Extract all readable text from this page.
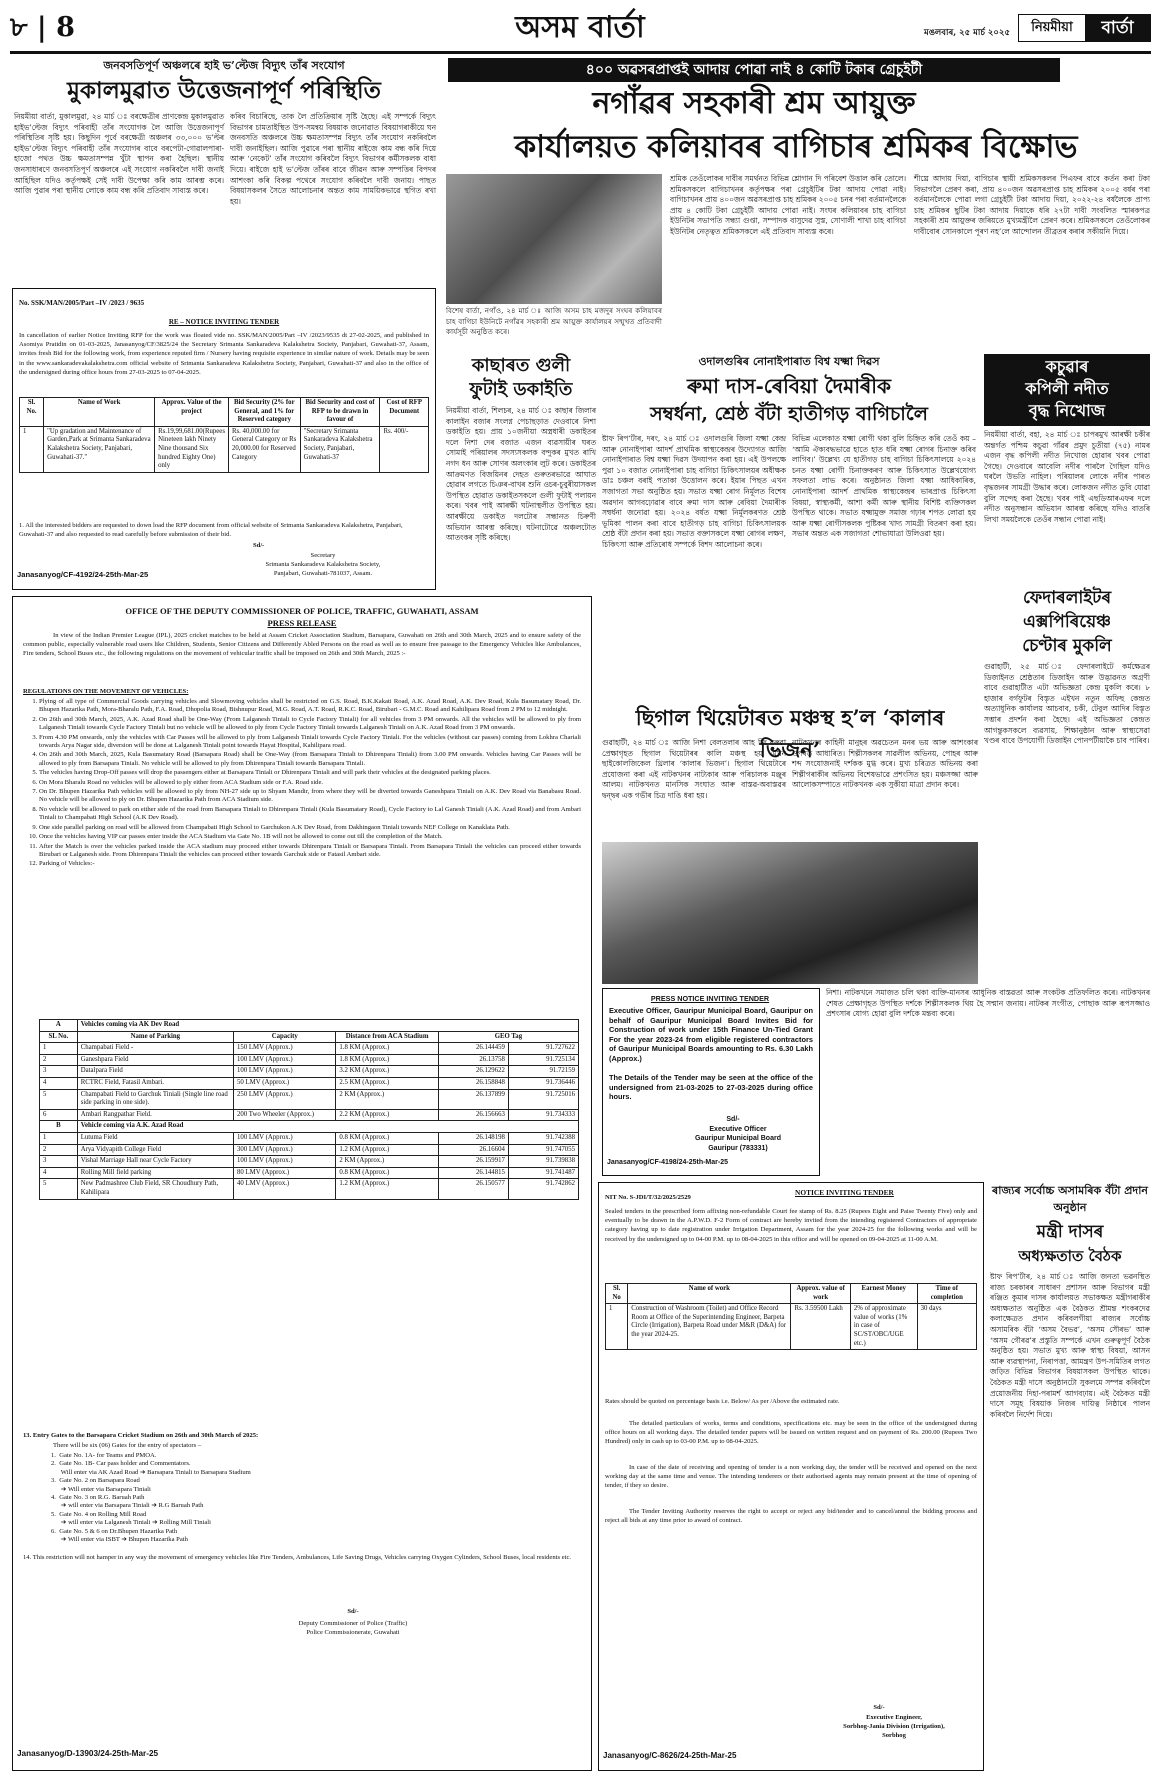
৮ | 8	অসম বাৰ্তা	মঙলবাৰ, ২৫ মাৰ্চ ২০২৫	নিয়মীয়া	বাৰ্তা
জনবসতিপূৰ্ণ অঞ্চলৰে হাই ভ’ল্টেজ বিদ্যুৎ তাঁৰ সংযোগ
মুকালমুৱাত উত্তেজনাপূৰ্ণ পৰিস্থিতি
নিয়মীয়া বাৰ্তা, মুকালমুৱা, ২৪ মাৰ্চ ঃ বৰক্ষেত্ৰীৰ প্ৰাণকেন্দ্ৰ মুকালমুৱাত হাইভ’ল্টেজ বিদ্যুৎ পৰিবাহী তাঁৰ সংযোগক লৈ আজি উত্তেজনাপূৰ্ণ পৰিস্থিতিৰ সৃষ্টি হয়। কিছুদিন পূৰ্বে বৰক্ষেত্ৰী অঞ্চলৰ ৩৩,০০০ ভ’ল্টৰ হাইভ’ল্টেজ বিদ্যুৎ পৰিবাহী তাঁৰ সংযোগৰ বাবে বৰপেটা-গোৱালপাৰা-হাজো পথত উচ্চ ক্ষমতাসম্পন্ন খুঁটা স্থাপন কৰা হৈছিল। স্থানীয় জনসাধাৰণে জনবসতিপূৰ্ণ অঞ্চলৰে এই সংযোগ নকৰিবলৈ দাবী জনাই আহিছিল যদিও কৰ্তৃপক্ষই সেই দাবী উপেক্ষা কৰি কাম আৰম্ভ কৰে। আজি পুৱাৰ পৰা স্থানীয় লোকে কাম বন্ধ কৰি প্ৰতিবাদ সাব্যস্ত কৰে।
কৰিব বিচাৰিছে, তাক লৈ প্ৰতিক্ৰিয়াৰ সৃষ্টি হৈছে। এই সম্পৰ্কে বিদ্যুৎ বিভাগৰ চামতাইস্থিত উপ-সমন্বয় বিষয়াক জনোৱাত বিষয়াগৰাকীয়ে ঘন জনবসতি অঞ্চলৰে উচ্চ ক্ষমতাসম্পন্ন বিদ্যুৎ তাঁৰ সংযোগ নকৰিবলৈ দাবী জনাইছিল। আজি পুৱাৰে পৰা স্থানীয় ৰাইজে কাম বন্ধ কৰি দিয়ে আৰু ‘নেকেট’ তাঁৰ সংযোগ কৰিবলৈ বিদ্যুৎ বিভাগৰ কৰ্মীসকলক বাধা দিয়ে। ৰাইজে হাই ভ’ল্টেজ তাঁৰৰ বাবে জীৱন আৰু সম্পত্তিৰ বিপদৰ আশংকা কৰি বিকল্প পথেৰে সংযোগ কৰিবলৈ দাবী জনায়। পাছত বিষয়াসকলৰ সৈতে আলোচনাৰ অন্তত কাম সাময়িকভাৱে স্থগিত ৰখা হয়।
No. SSK/MAN/2005/Part –IV /2023 / 9635
RE – NOTICE INVITING TENDER
In cancellation of earlier Notice Inviting RFP for the work was floated vide no. SSK/MAN/2005/Part –IV /2023/9535 dt 27-02-2025, and published in Asomiya Pratidin on 01-03-2025, Janasanyog/CF/3825/24 the Secretary Srimanta Sankaradeva Kalakshetra Society, Panjabari, Guwahati-37, Assam, invites fresh Bid for the following work, from experience reputed firm / Nursery having requisite experience in similar nature of work. Details may be seen in the www.sankaradevakalakshetra.com official website of Srimanta Sankaradeva Kalakshetra Society, Panjabari, Guwahati-37 and also in the office of the undersigned during office hours from 27-03-2025 to 07-04-2025.
Sl. No.	Name of Work	Approx. Value of the project	Bid Security (2% for General, and 1% for Reserved category	Bid Security and cost of RFP to be drawn in favour of	Cost of RFP Document
1	"Up gradation and Maintenance of Garden,Park at Srimanta Sankaradeva Kalakshetra Society, Panjabari, Guwahati-37."	Rs.19,99,681.00(Rupees Nineteen lakh Ninety Nine thousand Six hundred Eighty One) only	Rs. 40,000.00 for General Category or Rs 20,000.00 for Reserved Category	"Secretary Srimanta Sankaradeva Kalakshetra Society, Panjabari, Guwahati-37	Rs. 400/-
1. All the interested bidders are requested to down load the RFP document from official website of Srimanta Sankaradeva Kalakshetra, Panjabari, Guwahati-37 and also requested to read carefully before submission of their bid.
Sd/-
Secretary
Srimanta Sankaradeva Kalakshetra Society,
Panjabari, Guwahati-781037, Assam.
Janasanyog/CF-4192/24-25th-Mar-25
৪০০ অৱসৰপ্ৰাপ্তই আদায় পোৱা নাই ৪ কোটি টকাৰ গ্ৰেচুইটী
নগাঁৱৰ সহকাৰী শ্ৰম আয়ুক্ত
কাৰ্যালয়ত কলিয়াবৰ বাগিচাৰ শ্ৰমিকৰ বিক্ষোভ
বিশেষ বাৰ্তা, নগাঁও, ২৪ মাৰ্চ ঃ আজি অসম চাহ মজদুৰ সংঘৰ কলিয়াবৰ চাহ বাগিচা ইউনিটে নগাঁৱৰ সহকাৰী শ্ৰম আয়ুক্ত কাৰ্যালয়ৰ সন্মুখত প্ৰতিবাদী কাৰ্যসূচী অনুষ্ঠিত কৰে।
শ্ৰমিক তেওঁলোকৰ দাবীৰ সমৰ্থনত বিভিন্ন শ্লোগান দি পৰিবেশ উত্তাল কৰি তোলে। শ্ৰমিকসকলে বাগিচাখনৰ কৰ্তৃপক্ষৰ পৰা গ্ৰেচুইটিৰ টকা আদায় পোৱা নাই। বাগিচাখনৰ প্ৰায় ৪০০জন অৱসৰপ্ৰাপ্ত চাহ শ্ৰমিকৰ ২০০৫ চনৰ পৰা বৰ্তমানলৈকে প্ৰায় ৪ কোটি টকা গ্ৰেচুইটী আদায় পোৱা নাই। সংঘৰ কলিয়াবৰ চাহ বাগিচা ইউনিটৰ সভাপতি সন্ধ্যা গুপ্তা, সম্পাদক বাসুদেৱ সুস্ত, সোণালী শাখা চাহ বাগিচা ইউনিটৰ নেতৃত্বত শ্ৰমিকসকলে এই প্ৰতিবাদ সাব্যস্ত কৰে।
শীঘ্ৰে আদায় দিয়া, বাগিচাৰ স্থায়ী শ্ৰমিকসকলৰ পিএফৰ বাবে কৰ্তন কৰা টকা বিভাগলৈ প্ৰেৰণ কৰা, প্ৰায় ৪০০জন অৱসৰপ্ৰাপ্ত চাহ শ্ৰমিকৰ ২০০৫ বৰ্ষৰ পৰা বৰ্তমানলৈকে পোৱা লগা গ্ৰেচুইটী টকা আদায় দিয়া, ২০২২-২৪ বৰ্ষলৈকে প্ৰাপ্য চাহ শ্ৰমিকৰ ছুটিৰ টকা আদায় দিয়াকে ধৰি ২৭টা দাবী সংবলিত স্মাৰকপত্ৰ সহকাৰী শ্ৰম আয়ুক্তৰ জৰিয়তে মুখ্যমন্ত্ৰীলৈ প্ৰেৰণ কৰে। শ্ৰমিকসকলে তেওঁলোকৰ দাবীবোৰ সোনকালে পূৰণ নহ’লে আন্দোলন তীব্ৰতৰ কৰাৰ সকীয়নি দিয়ে।
কাছাৰত গুলী
ফুটাই ডকাইতি
নিয়মীয়া বাৰ্তা, শিলচৰ, ২৪ মাৰ্চ ঃ কাছাৰ জিলাৰ কালাইন বজাৰ সংলগ্ন পেচাছড়াত দেওবাৰে নিশা ডকাইতি হয়। প্ৰায় ১০জনীয়া অস্ত্ৰধাৰী ডকাইতৰ দলে নিশা দেৰ বজাত এজন ব্যৱসায়ীৰ ঘৰত সোমাই পৰিয়ালৰ সদস্যসকলক বন্দুকৰ মুখত ৰাখি নগদ ধন আৰু সোণৰ অলংকাৰ লুট কৰে। ডকাইতৰ আক্ৰমণত বিজয়িনৰ দেহত গুৰুতৰভাৱে আঘাত হোৱাৰ লগতে চিঞৰ-বাখৰ শুনি ওচৰ-চুবুৰীয়াসকল উপস্থিত হোৱাত ডকাইতসকলে গুলী ফুটাই পলায়ন কৰে। খবৰ পাই আৰক্ষী ঘটনাস্থলীত উপস্থিত হয়। আৰক্ষীয়ে ডকাইত দলটোৰ সন্ধানত চিৰুণী অভিযান আৰম্ভ কৰিছে। ঘটনাটোৱে অঞ্চলটোত আতংকৰ সৃষ্টি কৰিছে।
ওদালগুৰিৰ নোনাইপাৰাত বিশ্ব যক্ষ্মা দিৱস
ৰুমা দাস-ৰেবিয়া দৈমাৰীক
সম্বৰ্ধনা, শ্ৰেষ্ঠ বঁটা হাতীগড় বাগিচালৈ
ষ্টাফ ৰিপ’ৰ্টাৰ, দৰং, ২৪ মাৰ্চ ঃ ওদালগুৰি জিলা যক্ষ্মা কেন্দ্ৰ আৰু নোনাইপাৰা আদৰ্শ প্ৰাথমিক স্বাস্থ্যকেন্দ্ৰৰ উদ্যোগত আজি নোনাইপাৰাত বিশ্ব যক্ষ্মা দিৱস উদযাপন কৰা হয়। এই উপলক্ষে পুৱা ১০ বজাত নোনাইপাৰা চাহ বাগিচা চিকিৎসালয়ৰ অধীক্ষক ডাঃ চঞ্চল বৰাই পতাকা উত্তোলন কৰে। ইয়াৰ পিছত এখন সজাগতা সভা অনুষ্ঠিত হয়। সভাত যক্ষ্মা ৰোগ নিৰ্মূলত বিশেষ অৱদান আগবঢ়োৱাৰ বাবে ৰুমা দাস আৰু ৰেবিয়া দৈমাৰীক সম্বৰ্ধনা জনোৱা হয়। ২০২৪ বৰ্ষত যক্ষ্মা নিৰ্মূলকৰণত শ্ৰেষ্ঠ ভূমিকা পালন কৰা বাবে হাতীগড় চাহ বাগিচা চিকিৎসালয়ক শ্ৰেষ্ঠ বঁটা প্ৰদান কৰা হয়। সভাত বক্তাসকলে যক্ষ্মা ৰোগৰ লক্ষণ, চিকিৎসা আৰু প্ৰতিৰোধ সম্পৰ্কে বিশদ আলোচনা কৰে।
বিভিন্ন এলেকাত যক্ষ্মা ৰোগী থকা বুলি চিহ্নিত কৰি তেওঁ কয় – ‘আমি ঐক্যবদ্ধভাৱে হাতে হাত ধৰি যক্ষ্মা ৰোগৰ চিনাক্ত কৰিব লাগিব।’ উল্লেখ্য যে হাতীগড় চাহ বাগিচা চিকিৎসালয়ে ২০২৪ চনত যক্ষ্মা ৰোগী চিনাক্তকৰণ আৰু চিকিৎসাত উল্লেখযোগ্য সফলতা লাভ কৰে। অনুষ্ঠানত জিলা যক্ষ্মা আধিকাৰিক, নোনাইপাৰা আদৰ্শ প্ৰাথমিক স্বাস্থ্যকেন্দ্ৰৰ ভাৰপ্ৰাপ্ত চিকিৎসা বিষয়া, স্বাস্থ্যকৰ্মী, আশা কৰ্মী আৰু স্থানীয় বিশিষ্ট ব্যক্তিসকল উপস্থিত থাকে। সভাত যক্ষ্মামুক্ত সমাজ গঢ়াৰ শপত লোৱা হয় আৰু যক্ষ্মা ৰোগীসকলক পুষ্টিকৰ খাদ্য সামগ্ৰী বিতৰণ কৰা হয়। সভাৰ অন্তত এক সজাগতা শোভাযাত্ৰা উলিওৱা হয়।
কচুৱাৰ
কপিলী নদীত
বৃদ্ধ নিখোজ
নিয়মীয়া বাৰ্তা, বহা, ২৪ মাৰ্চ ঃ চাপৰমুখ আৰক্ষী চকীৰ অন্তৰ্গত পশ্চিম কচুৱা গাঁৱৰ প্ৰমুদ চুতীয়া (৭৫) নামৰ এজন বৃদ্ধ কপিলী নদীত নিখোজ হোৱাৰ খবৰ পোৱা গৈছে। দেওবাৰে আবেলি নদীৰ পাৰলৈ গৈছিল যদিও ঘৰলৈ উভতি নাহিল। পৰিয়ালৰ লোকে নদীৰ পাৰত বৃদ্ধজনৰ সামগ্ৰী উদ্ধাৰ কৰে। লোকজন নদীত ডুবি যোৱা বুলি সন্দেহ কৰা হৈছে। খবৰ পাই এছডিআৰএফৰ দলে নদীত অনুসন্ধান অভিযান আৰম্ভ কৰিছে যদিও বাতৰি লিখা সময়লৈকে তেওঁৰ সন্ধান পোৱা নাই।
ফেদাৰলাইটৰ
এক্সপিৰিয়েঞ্চ
চেণ্টাৰ মুকলি
গুৱাহাটী, ২৫ মাৰ্চ ঃ ফেদাৰলাইটে কৰ্মক্ষেত্ৰৰ ডিজাইনত শ্ৰেষ্ঠতাৰ ডিজাইন আৰু উদ্ভাৱনত অগ্ৰণী বাবে গুৱাহাটীত এটা অভিজ্ঞতা কেন্দ্ৰ মুকলি কৰে। ৮ হাজাৰ বৰ্গফুটৰ বিস্তৃত এইখন নতুন অফিছ কেন্দ্ৰত অত্যাধুনিক কাৰ্যালয় আচবাব, চকী, টেবুল আদিৰ বিস্তৃত সম্ভাৰ প্ৰদৰ্শন কৰা হৈছে। এই অভিজ্ঞতা কেন্দ্ৰত আগন্তুকসকলে ব্যৱসায়, শিক্ষানুষ্ঠান আৰু স্বাস্থ্যসেৱা খণ্ডৰ বাবে উপযোগী ডিজাইন পোনপটীয়াকৈ চাব পাৰিব।
ছিগাল থিয়েটাৰত মঞ্চস্থ হ’ল ‘কালাৰ ভিজন’
গুৱাহাটী, ২৪ মাৰ্চ ঃ আজি নিশা বেলতলাৰ আহ জি বৰুৱা প্ৰেক্ষাগৃহত ছিগাল থিয়েটাৰৰ কালি মঞ্চস্থ হয় এখন ছাইকোলজিকেল থ্ৰিলাৰ ‘কালাৰ ভিজন’। ছিগাল থিয়েটাৰে প্ৰযোজনা কৰা এই নাটকখনৰ নাট্যকাৰ আৰু পৰিচালক মঞ্জুৰ আলম। নাটকখনত মানসিক সংঘাত আৰু বাস্তৱ-অবাস্তৱৰ দ্বন্দ্বৰ এক গভীৰ চিত্ৰ দাঙি ধৰা হয়।
নাটকখনৰ কাহিনী মানুহৰ অৱচেতন মনৰ ভয় আৰু আশংকাৰ ওপৰত আধাৰিত। শিল্পীসকলৰ সাৱলীল অভিনয়, পোহৰ আৰু শব্দ সংযোজনাই দৰ্শকক মুগ্ধ কৰে। মুখ্য চৰিত্ৰত অভিনয় কৰা শিল্পীগৰাকীৰ অভিনয় বিশেষভাৱে প্ৰশংসিত হয়। মঞ্চসজ্জা আৰু আলোকসম্পাতে নাটকখনক এক সুকীয়া মাত্ৰা প্ৰদান কৰে।
PRESS NOTICE INVITING TENDER
Executive Officer, Gauripur Municipal Board, Gauripur on behalf of Gauripur Municipal Board Invites Bid for Construction of work under 15th Finance Un-Tied Grant For the year 2023-24 from eligible registered contractors of Gauripur Municipal Boards amounting to Rs. 6.30 Lakh (Approx.)
The Details of the Tender may be seen at the office of the undersigned from 21-03-2025 to 27-03-2025 during office hours.
Sd/-
Executive Officer
Gauripur Municipal Board
Gauripur (783331)
Janasanyog/CF-4198/24-25th-Mar-25
নিশা। নাটকখনে সমাজত চলি থকা ব্যক্তি-মানসৰ আধুনিক বাস্তৱতা আৰু সংকটক প্ৰতিফলিত কৰে। নাটকখনৰ শেষত প্ৰেক্ষাগৃহত উপস্থিত দৰ্শকে শিল্পীসকলক থিয় হৈ সন্মান জনায়। নাটকৰ সংগীত, পোছাক আৰু ৰূপসজ্জাও প্ৰশংসাৰ যোগ্য হোৱা বুলি দৰ্শকে মন্তব্য কৰে।
OFFICE OF THE DEPUTY COMMISSIONER OF POLICE, TRAFFIC, GUWAHATI, ASSAM
PRESS RELEASE
In view of the Indian Premier League (IPL), 2025 cricket matches to be held at Assam Cricket Association Stadium, Barsapara, Guwahati on 26th and 30th March, 2025 and to ensure safety of the common public, especially vulnerable road users like Children, Students, Senior Citizens and Differently Abled Persons on the road as well as to ensure free passage to the Emergency Vehicles like Ambulances, Fire tenders, School Buses etc., the following regulations on the movement of vehicular traffic shall be imposed on 26th and 30th March, 2025 :-
REGULATIONS ON THE MOVEMENT OF VEHICLES:
1. Plying of all type of Commercial Goods carrying vehicles and Slowmoving vehicles shall be restricted on G.S. Road, B.K.Kakati Road, A.K. Azad Road, A.K. Dev Road, Kula Basumatary Road, Dr. Bhupen Hazarika Path, Mora-Bharalu Path, F.A. Road, Dhopolia Road, Bishnupur Road, M.G. Road, A.T. Road, R.K.C. Road, Birubari - G.M.C. Road and Kahilipara Road from 2 PM to 12 midnight.
2. On 26th and 30th March, 2025, A.K. Azad Road shall be One-Way (From Lalganesh Tiniali to Cycle Factory Tiniali) for all vehicles from 3 PM onwards. All the vehicles will be allowed to ply from Lalganesh Tiniali towards Cycle Factory Tiniali but no vehicle will be allowed to ply from Cycle Factory Tiniali towards Lalganesh Tiniali on A.K. Azad Road from 3 PM onwards.
3. From 4.30 PM onwards, only the vehicles with Car Passes will be allowed to ply from Lalganesh Tiniali towards Cycle Factory Tiniali. For the vehicles (without car passes) coming from Lokhra Chariali towards Arya Nagar side, diversion will be done at Lalganesh Tiniali point towards Hayat Hospital, Kahilipara road.
4. On 26th and 30th March, 2025, Kula Basumatary Road (Barsapara Road) shall be One-Way (from Barsapara Tiniali to Dhirenpara Tiniali) from 3.00 PM onwards. Vehicles having Car Passes will be allowed to ply from Barsapara Tiniali. No vehicle will be allowed to ply from Dhirenpara Tiniali towards Barsapara Tiniali.
5. The vehicles having Drop-Off passes will drop the passengers either at Barsapara Tiniali or Dhirenpara Tiniali and will park their vehicles at the designated parking places.
6. On Mora Bharalu Road no vehicles will be allowed to ply either from ACA Stadium side or F.A. Road side.
7. On Dr. Bhupen Hazarika Path vehicles will be allowed to ply from NH-27 side up to Shyam Mandir, from where they will be diverted towards Ganeshpara Tiniali on A.K. Dev Road via Banabasu Road. No vehicle will be allowed to ply on Dr. Bhupen Hazarika Path from ACA Stadium side.
8. No vehicle will be allowed to park on either side of the road from Barsapara Tiniali to Dhirenpara Tiniali (Kula Basumatary Road), Cycle Factory to Lal Ganesh Tiniali (A.K. Azad Road) and from Ambari Tiniali to Champabati High School (A.K Dev Road).
9. One side parallel parking on road will be allowed from Champabati High School to Garchukon A.K Dev Road, from Dakhingaon Tiniali towards NEF College on Kanaklata Path.
10. Once the vehicles having VIP car passes enter inside the ACA Stadium via Gate No. 1B will not be allowed to come out till the completion of the Match.
11. After the Match is over the vehicles parked inside the ACA stadium may proceed either towards Dhirenpara Tiniali or Barsapara Tiniali. From Barsapara Tiniali the vehicles can proceed either towards Birubari or Lalganesh side. From Dhirenpara Tiniali the vehicles can proceed either towards Garchuk side or Fatasil Ambari side.
12. Parking of Vehicles:-
A	Vehicles coming via AK Dev Road				
SL No.	Name of Parking	Capacity	Distance from ACA Stadium	GEO Tag	
1	Champabati Field -	150 LMV (Approx.)	1.8 KM (Approx.)	26.144459	91.727622
2	Ganeshpara Field	100 LMV (Approx.)	1.8 KM (Approx.)	26.13758	91.725134
3	Datalpara Field	100 LMV (Approx.)	3.2 KM (Approx.)	26.129622	91.72159
4	RCTRC Field, Fatasil Ambari.	50 LMV (Approx.)	2.5 KM (Approx.)	26.158848	91.736446
5	Champabati Field to Garchuk Tiniali (Single line road side parking in one side).	250 LMV (Approx.)	2 KM (Approx.)	26.137899	91.725016
6	Ambari Rangpathar Field.	200 Two Wheeler (Approx.)	2.2 KM (Approx.)	26.156663	91.734333
B	Vehicle coming via A.K. Azad Road				
1	Lutuma Field	100 LMV (Approx.)	0.8 KM (Approx.)	26.148198	91.742388
2	Arya Vidyapith College Field	300 LMV (Approx.)	1.2 KM (Approx.)	26.16604	91.747055
3	Vishal Marriage Hall near Cycle Factory	100 LMV (Approx.)	2 KM (Approx.)	26.159917	91.739838
4	Rolling Mill field parking	80 LMV (Approx.)	0.8 KM (Approx.)	26.144815	91.741487
5	New Padmashree Club Field, SR Choudhury Path, Kahilipara	40 LMV (Approx.)	1.2 KM (Approx.)	26.150577	91.742862
13. Entry Gates to the Barsapara Cricket Stadium on 26th and 30th March of 2025:
There will be six (06) Gates for the entry of spectators –
1.  Gate No. 1A- for Teams and PMOA.
2.  Gate No. 1B- Car pass holder and Commentators.
Will enter via AK Azad Road ➔ Barsapara Tiniali to Barsapara Stadium
3.  Gate No. 2 on Barsapara Road
➔ Will enter via Barsapara Tiniali
4.  Gate No. 3 on R.G. Baruah Path
➔ will enter via Barsapara Tiniali ➔ R.G Baruah Path
5.  Gate No. 4 on Rolling Mill Road
➔ will enter via Lalganesh Tiniali ➔ Rolling Mill Tiniali
6.  Gate No. 5 & 6 on Dr.Bhupen Hazarika Path
➔ Will enter via ISBT ➔ Bhupen Hazarika Path
14. This restriction will not hamper in any way the movement of emergency vehicles like Fire Tenders, Ambulances, Life Saving Drugs, Vehicles carrying Oxygen Cylinders, School Buses, local residents etc.
Sd/-
Deputy Commissioner of Police (Traffic)
Police Commissionerate, Guwahati
Janasanyog/D-13903/24-25th-Mar-25
NIT No. S-JDI/T/32/2025/2529
NOTICE INVITING TENDER
Sealed tenders in the prescribed form affixing non-refundable Court fee stamp of Rs. 8.25 (Rupees Eight and Paise Twenty Five) only and eventually to be drawn in the A.P.W.D. F-2 Form of contract are hereby invited from the intending registered Contractors of appropriate category having up to date registration under Irrigation Department, Assam for the year 2024-25 for the following works and will be received by the undersigned up to 04-00 P.M. up to 08-04-2025 in this office and will be opened on 09-04-2025 at 11-00 A.M.
Sl. No	Name of work	Approx. value of work	Earnest Money	Time of completion
1	Construction of Washroom (Toilet) and Office Record Room at Office of the Superintending Engineer, Barpeta Circle (Irrigation), Barpeta Road under M&R (D&A) for the year 2024-25.	Rs. 3.59500 Lakh	2% of approximate value of works (1% in case of SC/ST/OBC/UGE etc.)	30 days
Rates should be quoted on percentage basis i.e. Below/ As per /Above the estimated rate.
The detailed particulars of works, terms and conditions, specifications etc. may be seen in the office of the undersigned during office hours on all working days. The detailed tender papers will be issued on written request and on payment of Rs. 200.00 (Rupees Two Hundred) only in cash up to 03-00 P.M. up to 08-04-2025.
In case of the date of receiving and opening of tender is a non working day, the tender will be received and opened on the next working day at the same time and venue. The intending tenderers or their authorised agents may remain present at the time of opening of tender, if they so desire.
The Tender Inviting Authority reserves the right to accept or reject any bid/tender and to cancel/annul the bidding process and reject all bids at any time prior to award of contract.
Sd/-
Executive Engineer,
Sorbhog-Jania Division (Irrigation),
Sorbhog
Janasanyog/C-8626/24-25th-Mar-25
ৰাজ্যৰ সৰ্বোচ্চ অসামৰিক বঁটা প্ৰদান অনুষ্ঠান
মন্ত্ৰী দাসৰ
অধ্যক্ষতাত বৈঠক
ষ্টাফ ৰিপ’ৰ্টাৰ, ২৪ মাৰ্চ ঃ আজি জনতা ভৱনস্থিত ৰাজ্য চৰকাৰৰ সাধাৰণ প্ৰশাসন আৰু বিভাগৰ মন্ত্ৰী ৰঞ্জিত কুমাৰ দাসৰ কাৰ্যালয়ত সভাকক্ষত মন্ত্ৰীগৰাকীৰ অধ্যক্ষতাত অনুষ্ঠিত এক বৈঠকত শ্ৰীমন্ত শংকৰদেৱ কলাক্ষেত্ৰত প্ৰদান কৰিবলগীয়া ৰাজ্যৰ সৰ্বোচ্চ অসামৰিক বঁটা ‘অসম বৈভৱ’, ‘অসম সৌৰভ’ আৰু ‘অসম গৌৰৱ’ৰ প্ৰস্তুতি সম্পৰ্কে এখন গুৰুত্বপূৰ্ণ বৈঠক অনুষ্ঠিত হয়। সভাত মুখ্য আৰু স্বাস্থ্য বিষয়া, আসন আৰু ব্যৱস্থাপনা, নিৰাপত্তা, আমন্ত্ৰণ উপ-সমিতিৰ লগত জড়িত বিভিন্ন বিভাগৰ বিষয়াসকল উপস্থিত থাকে। বৈঠকত মন্ত্ৰী দাসে অনুষ্ঠানটো সুকলমে সম্পন্ন কৰিবলৈ প্ৰয়োজনীয় দিহা-পৰামৰ্শ আগবঢ়ায়। এই বৈঠকত মন্ত্ৰী দাসে সমূহ বিষয়াক নিজৰ দায়িত্ব নিষ্ঠাৰে পালন কৰিবলৈ নিৰ্দেশ দিয়ে।
